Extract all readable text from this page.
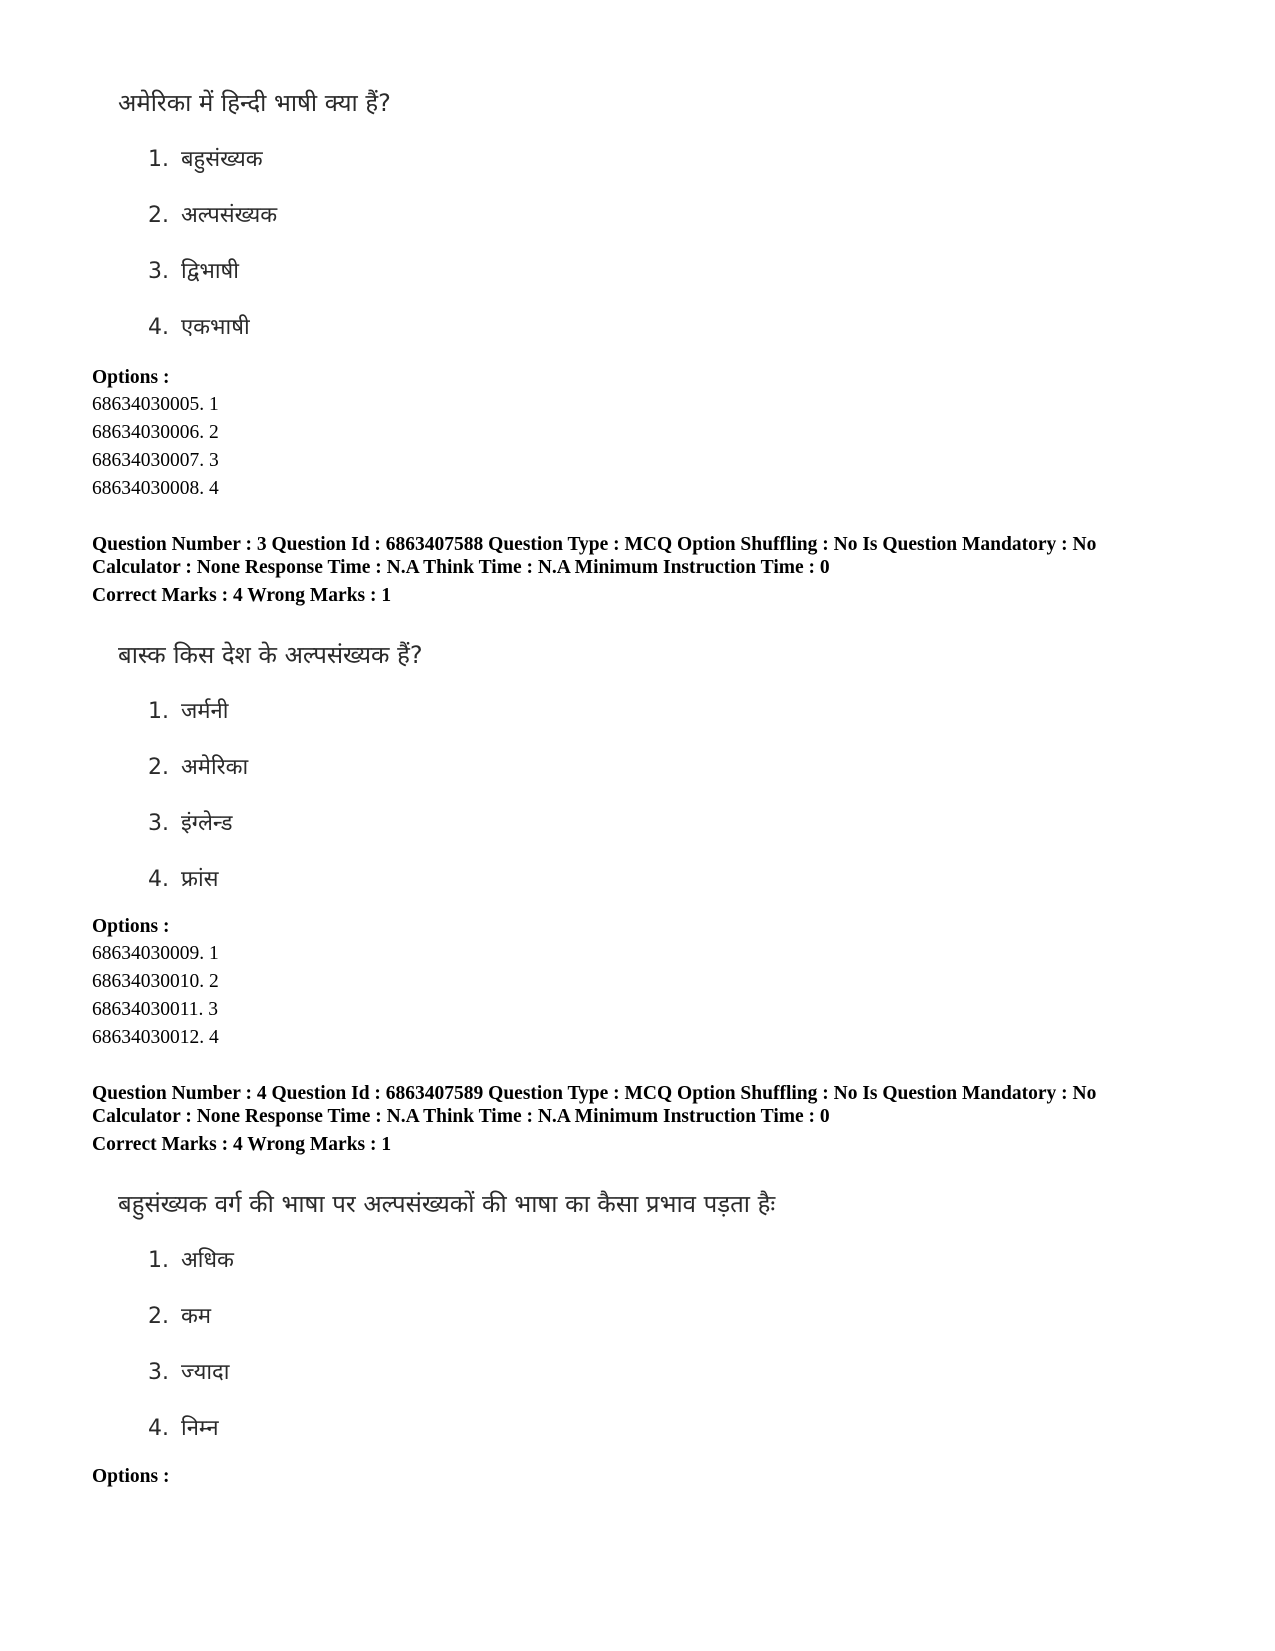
अमेरिका में हिन्दी भाषी क्या हैं?
1. बहुसंख्यक
2. अल्पसंख्यक
3. द्विभाषी
4. एकभाषी
Options :
68634030005. 1
68634030006. 2
68634030007. 3
68634030008. 4
Question Number : 3 Question Id : 6863407588 Question Type : MCQ Option Shuffling : No Is Question Mandatory : No
Calculator : None Response Time : N.A Think Time : N.A Minimum Instruction Time : 0
Correct Marks : 4 Wrong Marks : 1
बास्क किस देश के अल्पसंख्यक हैं?
1. जर्मनी
2. अमेरिका
3. इंग्लेन्ड
4. फ्रांस
Options :
68634030009. 1
68634030010. 2
68634030011. 3
68634030012. 4
Question Number : 4 Question Id : 6863407589 Question Type : MCQ Option Shuffling : No Is Question Mandatory : No
Calculator : None Response Time : N.A Think Time : N.A Minimum Instruction Time : 0
Correct Marks : 4 Wrong Marks : 1
बहुसंख्यक वर्ग की भाषा पर अल्पसंख्यकों की भाषा का कैसा प्रभाव पड़ता हैः
1. अधिक
2. कम
3. ज्यादा
4. निम्न
Options :
